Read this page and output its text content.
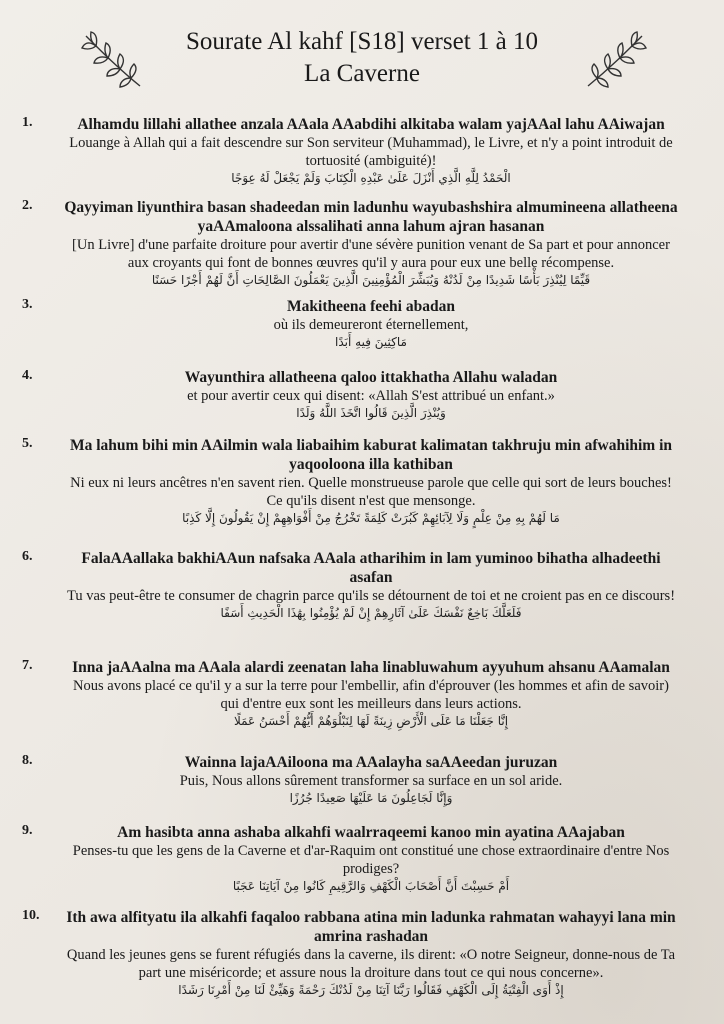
Sourate Al kahf [S18] verset 1 à 10
La Caverne
1.	Alhamdu lillahi allathee anzala AAala AAabdihi alkitaba walam yajAAal lahu AAiwajan
Louange à Allah qui a fait descendre sur Son serviteur (Muhammad), le Livre, et n'y a point introduit de tortuosité (ambiguité)!
الْحَمْدُ لِلَّهِ الَّذِي أَنْزَلَ عَلَىٰ عَبْدِهِ الْكِتَابَ وَلَمْ يَجْعَلْ لَهُ عِوَجًا
2. Qayyiman liyunthira basan shadeedan min ladunhu wayubashshira almumineena allatheena yaAAmaloona alssalihati anna lahum ajran hasanan
[Un Livre] d'une parfaite droiture pour avertir d'une sévère punition venant de Sa part et pour annoncer aux croyants qui font de bonnes œuvres qu'il y aura pour eux une belle récompense.
قَيِّمًا لِيُنْذِرَ بَأْسًا شَدِيدًا مِنْ لَدُنْهُ وَيُبَشِّرَ الْمُؤْمِنِينَ الَّذِينَ يَعْمَلُونَ الصَّالِحَاتِ أَنَّ لَهُمْ أَجْرًا حَسَنًا
3.	Makitheena feehi abadan
où ils demeureront éternellement,
مَاكِثِينَ فِيهِ أَبَدًا
4.	Wayunthira allatheena qaloo ittakhatha Allahu waladan
et pour avertir ceux qui disent: «Allah S'est attribué un enfant.»
وَيُنْذِرَ الَّذِينَ قَالُوا اتَّخَذَ اللَّهُ وَلَدًا
5.	Ma lahum bihi min AAilmin wala liabaihim kaburat kalimatan takhruju min afwahihim in yaqooloona illa kathiban
Ni eux ni leurs ancêtres n'en savent rien. Quelle monstrueuse parole que celle qui sort de leurs bouches! Ce qu'ils disent n'est que mensonge.
مَا لَهُمْ بِهِ مِنْ عِلْمٍ وَلَا لِآبَائِهِمْ كَبُرَتْ كَلِمَةً تَخْرُجُ مِنْ أَفْوَاهِهِمْ إِنْ يَقُولُونَ إِلَّا كَذِبًا
6.	FalaAAallaka bakhiAAun nafsaka AAala atharihim in lam yuminoo bihatha alhadeethi asafan
Tu vas peut-être te consumer de chagrin parce qu'ils se détournent de toi et ne croient pas en ce discours!
فَلَعَلَّكَ بَاخِعٌ نَفْسَكَ عَلَىٰ آثَارِهِمْ إِنْ لَمْ يُؤْمِنُوا بِهَٰذَا الْحَدِيثِ أَسَفًا
7.	Inna jaAAalna ma AAala alardi zeenatan laha linabluwahum ayyuhum ahsanu AAamalan
Nous avons placé ce qu'il y a sur la terre pour l'embellir, afin d'éprouver (les hommes et afin de savoir) qui d'entre eux sont les meilleurs dans leurs actions.
إِنَّا جَعَلْنَا مَا عَلَى الْأَرْضِ زِينَةً لَهَا لِنَبْلُوَهُمْ أَيُّهُمْ أَحْسَنُ عَمَلًا
8.	Wainna lajaAAiloona ma AAalayha saAAeedan juruzan
Puis, Nous allons sûrement transformer sa surface en un sol aride.
وَإِنَّا لَجَاعِلُونَ مَا عَلَيْهَا صَعِيدًا جُرُزًا
9.	Am hasibta anna ashaba alkahfi waalrraqeemi kanoo min ayatina AAajaban
Penses-tu que les gens de la Caverne et d'ar-Raquim ont constitué une chose extraordinaire d'entre Nos prodiges?
أَمْ حَسِبْتَ أَنَّ أَصْحَابَ الْكَهْفِ وَالرَّقِيمِ كَانُوا مِنْ آيَاتِنَا عَجَبًا
10. Ith awa alfityatu ila alkahfi faqaloo rabbana atina min ladunka rahmatan wahayyi lana min amrina rashadan
Quand les jeunes gens se furent réfugiés dans la caverne, ils dirent: «O notre Seigneur, donne-nous de Ta part une miséricorde; et assure nous la droiture dans tout ce qui nous concerne».
إِذْ أَوَى الْفِتْيَةُ إِلَى الْكَهْفِ فَقَالُوا رَبَّنَا آتِنَا مِنْ لَدُنْكَ رَحْمَةً وَهَيِّئْ لَنَا مِنْ أَمْرِنَا رَشَدًا
